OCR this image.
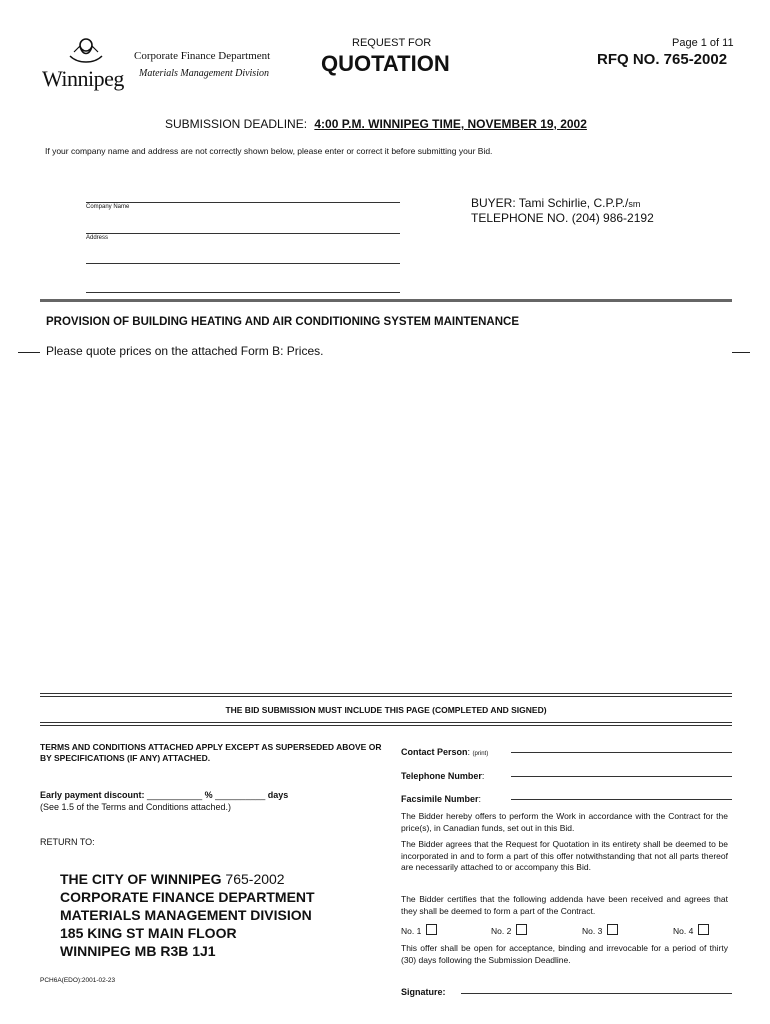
Winnipeg
Corporate Finance Department
Materials Management Division
REQUEST FOR
QUOTATION
Page 1 of 11
RFQ NO. 765-2002
SUBMISSION DEADLINE: 4:00 P.M. WINNIPEG TIME, NOVEMBER 19, 2002
If your company name and address are not correctly shown below, please enter or correct it before submitting your Bid.
Company Name
Address
BUYER: Tami Schirlie, C.P.P./sm
TELEPHONE NO. (204) 986-2192
PROVISION OF BUILDING HEATING AND AIR CONDITIONING SYSTEM MAINTENANCE
Please quote prices on the attached Form B: Prices.
THE BID SUBMISSION MUST INCLUDE THIS PAGE (COMPLETED AND SIGNED)
TERMS AND CONDITIONS ATTACHED APPLY EXCEPT AS SUPERSEDED ABOVE OR BY SPECIFICATIONS (IF ANY) ATTACHED.
Early payment discount: ___________ % __________ days
(See 1.5 of the Terms and Conditions attached.)
RETURN TO:
THE CITY OF WINNIPEG 765-2002
CORPORATE FINANCE DEPARTMENT
MATERIALS MANAGEMENT DIVISION
185 KING ST MAIN FLOOR
WINNIPEG MB R3B 1J1
PCH6A(EDO):2001-02-23
Contact Person: (print)
Telephone Number:
Facsimile Number:
The Bidder hereby offers to perform the Work in accordance with the Contract for the price(s), in Canadian funds, set out in this Bid.
The Bidder agrees that the Request for Quotation in its entirety shall be deemed to be incorporated in and to form a part of this offer notwithstanding that not all parts thereof are necessarily attached to or accompany this Bid.
The Bidder certifies that the following addenda have been received and agrees that they shall be deemed to form a part of the Contract.
No. 1	No. 2	No. 3	No. 4
This offer shall be open for acceptance, binding and irrevocable for a period of thirty (30) days following the Submission Deadline.
Signature:
